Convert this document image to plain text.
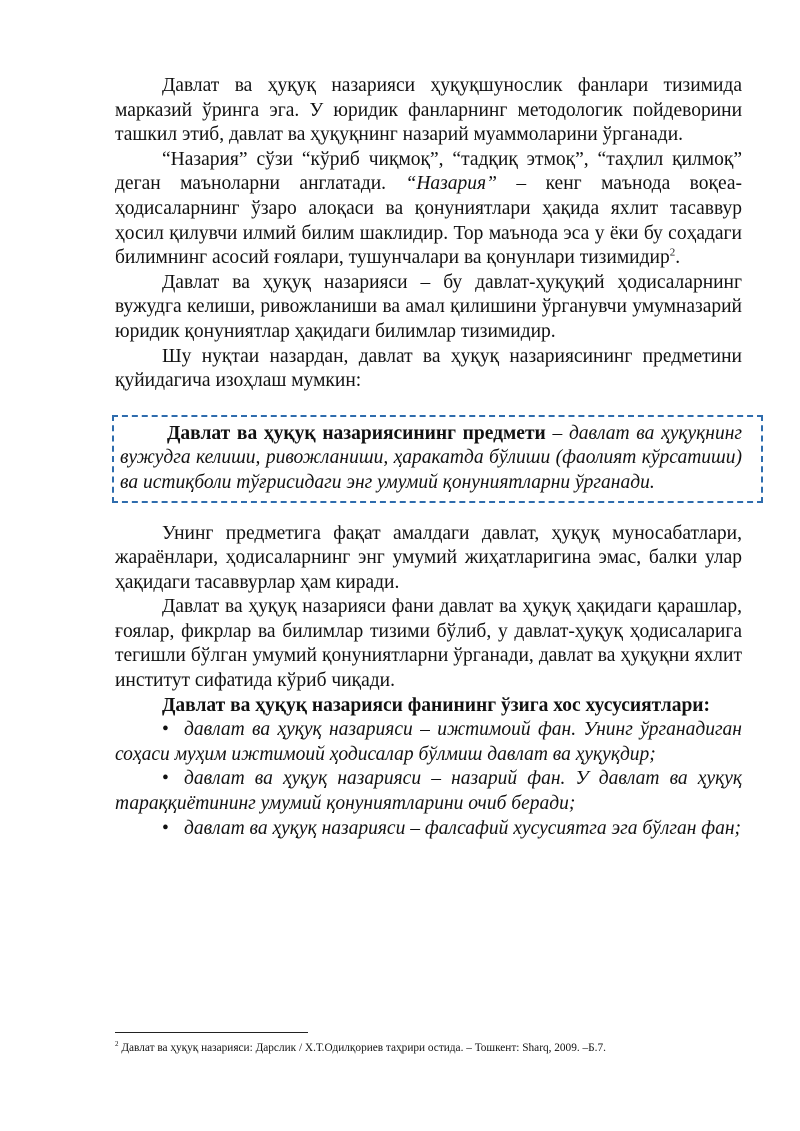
Давлат ва ҳуқуқ назарияси ҳуқуқшунослик фанлари тизимида марказий ўринга эга. У юридик фанларнинг методологик пойдеворини ташкил этиб, давлат ва ҳуқуқнинг назарий муаммоларини ўрганади.

“Назария” сўзи “кўриб чиқмоқ”, “тадқиқ этмоқ”, “таҳлил қилмоқ” деган маъноларни англатади. “Назария” – кенг маънода воқеа-ҳодисаларнинг ўзаро алоқаси ва қонуниятлари ҳақида яхлит тасаввур ҳосил қилувчи илмий билим шаклидир. Тор маънода эса у ёки бу соҳадаги билимнинг асосий ғоялари, тушунчалари ва қонунлари тизимидир$^2$.

Давлат ва ҳуқуқ назарияси – бу давлат-ҳуқуқий ҳодисаларнинг вужудга келиши, ривожланиши ва амал қилишини ўрганувчи умумназарий юридик қонуниятлар ҳақидаги билимлар тизимидир.

Шу нуқтаи назардан, давлат ва ҳуқуқ назариясининг предметини қуйидагича изоҳлаш мумкин:

Давлат ва ҳуқуқ назариясининг предмети – давлат ва ҳуқуқнинг вужудга келиши, ривожланиши, ҳаракатда бўлиши (фаолият кўрсатиши) ва истиқболи тўғрисидаги энг умумий қонуниятларни ўрганади.

Унинг предметига фақат амалдаги давлат, ҳуқуқ муносабатлари, жараёнлари, ҳодисаларнинг энг умумий жиҳатларигина эмас, балки улар ҳақидаги тасаввурлар ҳам киради.

Давлат ва ҳуқуқ назарияси фани давлат ва ҳуқуқ ҳақидаги қарашлар, ғоялар, фикрлар ва билимлар тизими бўлиб, у давлат-ҳуқуқ ҳодисаларига тегишли бўлган умумий қонуниятларни ўрганади, давлат ва ҳуқуқни яхлит институт сифатида кўриб чиқади.

Давлат ва ҳуқуқ назарияси фанининг ўзига хос хусусиятлари:

• давлат ва ҳуқуқ назарияси – ижтимоий фан. Унинг ўрганадиган соҳаси муҳим ижтимоий ҳодисалар бўлмиш давлат ва ҳуқуқдир;

• давлат ва ҳуқуқ назарияси – назарий фан. У давлат ва ҳуқуқ тараққиётининг умумий қонуниятларини очиб беради;

• давлат ва ҳуқуқ назарияси – фалсафий хусусиятга эга бўлган фан;

$^2$ Давлат ва ҳуқуқ назарияси: Дарслик / Х.Т.Одилқориев таҳрири остида. – Тошкент: Sharq, 2009. –Б.7.
